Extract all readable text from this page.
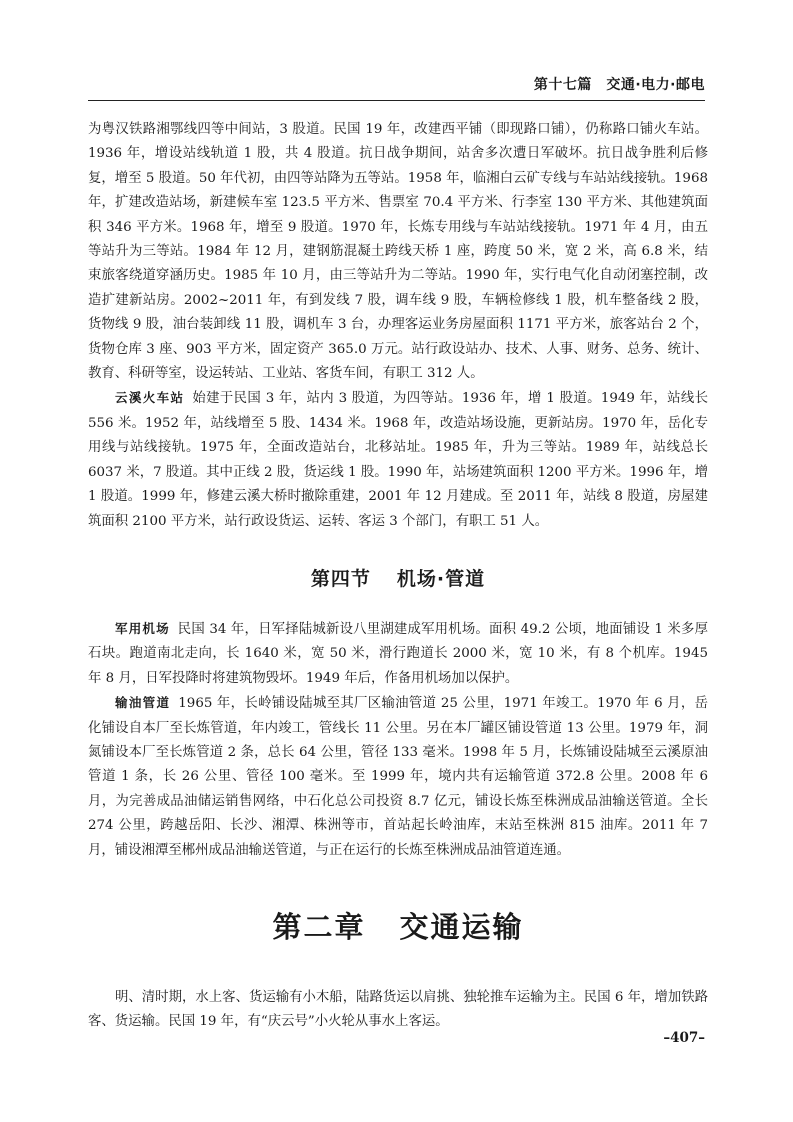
第十七篇　交通·电力·邮电

为粤汉铁路湘鄂线四等中间站，3 股道。民国 19 年，改建西平铺（即现路口铺），仍称路口铺火车站。1936 年，增设站线轨道 1 股，共 4 股道。抗日战争期间，站舍多次遭日军破坏。抗日战争胜利后修复，增至 5 股道。50 年代初，由四等站降为五等站。1958 年，临湘白云矿专线与车站站线接轨。1968 年，扩建改造站场，新建候车室 123.5 平方米、售票室 70.4 平方米、行李室 130 平方米、其他建筑面积 346 平方米。1968 年，增至 9 股道。1970 年，长炼专用线与车站站线接轨。1971 年 4 月，由五等站升为三等站。1984 年 12 月，建钢筋混凝土跨线天桥 1 座，跨度 50 米，宽 2 米，高 6.8 米，结束旅客绕道穿涵历史。1985 年 10 月，由三等站升为二等站。1990 年，实行电气化自动闭塞控制，改造扩建新站房。2002~2011 年，有到发线 7 股，调车线 9 股，车辆检修线 1 股，机车整备线 2 股，货物线 9 股，油台装卸线 11 股，调机车 3 台，办理客运业务房屋面积 1171 平方米，旅客站台 2 个，货物仓库 3 座、903 平方米，固定资产 365.0 万元。站行政设站办、技术、人事、财务、总务、统计、教育、科研等室，设运转站、工业站、客货车间，有职工 312 人。

云溪火车站 始建于民国 3 年，站内 3 股道，为四等站。1936 年，增 1 股道。1949 年，站线长 556 米。1952 年，站线增至 5 股、1434 米。1968 年，改造站场设施，更新站房。1970 年，岳化专用线与站线接轨。1975 年，全面改造站台，北移站址。1985 年，升为三等站。1989 年，站线总长 6037 米，7 股道。其中正线 2 股，货运线 1 股。1990 年，站场建筑面积 1200 平方米。1996 年，增 1 股道。1999 年，修建云溪大桥时撤除重建，2001 年 12 月建成。至 2011 年，站线 8 股道，房屋建筑面积 2100 平方米，站行政设货运、运转、客运 3 个部门，有职工 51 人。

第四节 机场·管道

军用机场 民国 34 年，日军择陆城新设八里湖建成军用机场。面积 49.2 公顷，地面铺设 1 米多厚石块。跑道南北走向，长 1640 米，宽 50 米，滑行跑道长 2000 米，宽 10 米，有 8 个机库。1945 年 8 月，日军投降时将建筑物毁坏。1949 年后，作备用机场加以保护。

输油管道 1965 年，长岭铺设陆城至其厂区输油管道 25 公里，1971 年竣工。1970 年 6 月，岳化铺设自本厂至长炼管道，年内竣工，管线长 11 公里。另在本厂罐区铺设管道 13 公里。1979 年，洞氮铺设本厂至长炼管道 2 条，总长 64 公里，管径 133 毫米。1998 年 5 月，长炼铺设陆城至云溪原油管道 1 条，长 26 公里、管径 100 毫米。至 1999 年，境内共有运输管道 372.8 公里。2008 年 6 月，为完善成品油储运销售网络，中石化总公司投资 8.7 亿元，铺设长炼至株洲成品油输送管道。全长 274 公里，跨越岳阳、长沙、湘潭、株洲等市，首站起长岭油库，末站至株洲 815 油库。2011 年 7 月，铺设湘潭至郴州成品油输送管道，与正在运行的长炼至株洲成品油管道连通。

第二章 交通运输

明、清时期，水上客、货运输有小木船，陆路货运以肩挑、独轮推车运输为主。民国 6 年，增加铁路客、货运输。民国 19 年，有“庆云号”小火轮从事水上客运。

–407–
